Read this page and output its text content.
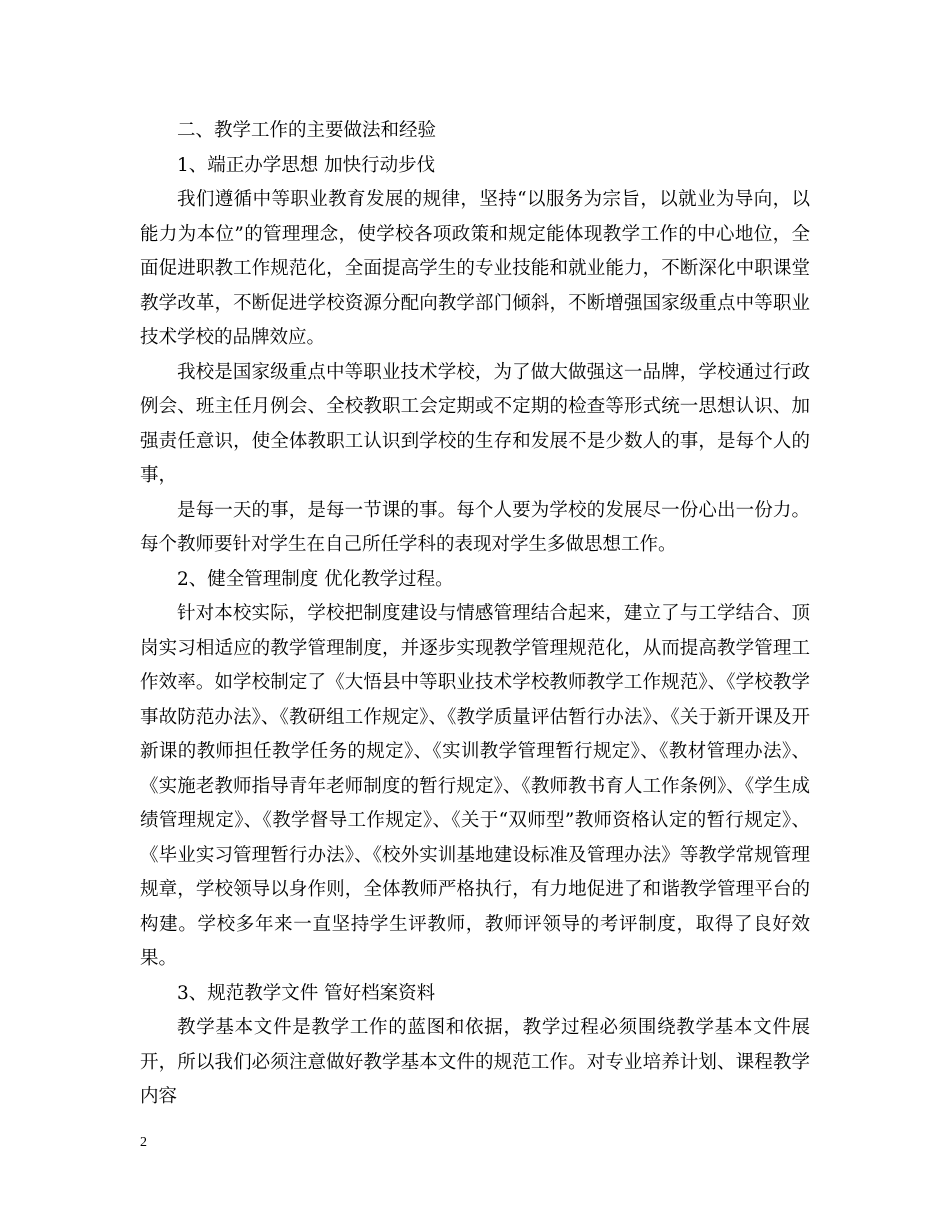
二、教学工作的主要做法和经验

1、端正办学思想 加快行动步伐

我们遵循中等职业教育发展的规律，坚持“以服务为宗旨，以就业为导向，以能力为本位”的管理理念，使学校各项政策和规定能体现教学工作的中心地位，全面促进职教工作规范化，全面提高学生的专业技能和就业能力，不断深化中职课堂教学改革，不断促进学校资源分配向教学部门倾斜，不断增强国家级重点中等职业技术学校的品牌效应。

我校是国家级重点中等职业技术学校，为了做大做强这一品牌，学校通过行政例会、班主任月例会、全校教职工会定期或不定期的检查等形式统一思想认识、加强责任意识，使全体教职工认识到学校的生存和发展不是少数人的事，是每个人的事，

是每一天的事，是每一节课的事。每个人要为学校的发展尽一份心出一份力。每个教师要针对学生在自己所任学科的表现对学生多做思想工作。

2、健全管理制度 优化教学过程。

针对本校实际，学校把制度建设与情感管理结合起来，建立了与工学结合、顶岗实习相适应的教学管理制度，并逐步实现教学管理规范化，从而提高教学管理工作效率。如学校制定了《大悟县中等职业技术学校教师教学工作规范》、《学校教学事故防范办法》、《教研组工作规定》、《教学质量评估暂行办法》、《关于新开课及开新课的教师担任教学任务的规定》、《实训教学管理暂行规定》、《教材管理办法》、《实施老教师指导青年老师制度的暂行规定》、《教师教书育人工作条例》、《学生成绩管理规定》、《教学督导工作规定》、《关于“双师型”教师资格认定的暂行规定》、《毕业实习管理暂行办法》、《校外实训基地建设标准及管理办法》等教学常规管理规章，学校领导以身作则，全体教师严格执行，有力地促进了和谐教学管理平台的构建。学校多年来一直坚持学生评教师，教师评领导的考评制度，取得了良好效果。

3、规范教学文件 管好档案资料

教学基本文件是教学工作的蓝图和依据，教学过程必须围绕教学基本文件展开，所以我们必须注意做好教学基本文件的规范工作。对专业培养计划、课程教学内容

2
